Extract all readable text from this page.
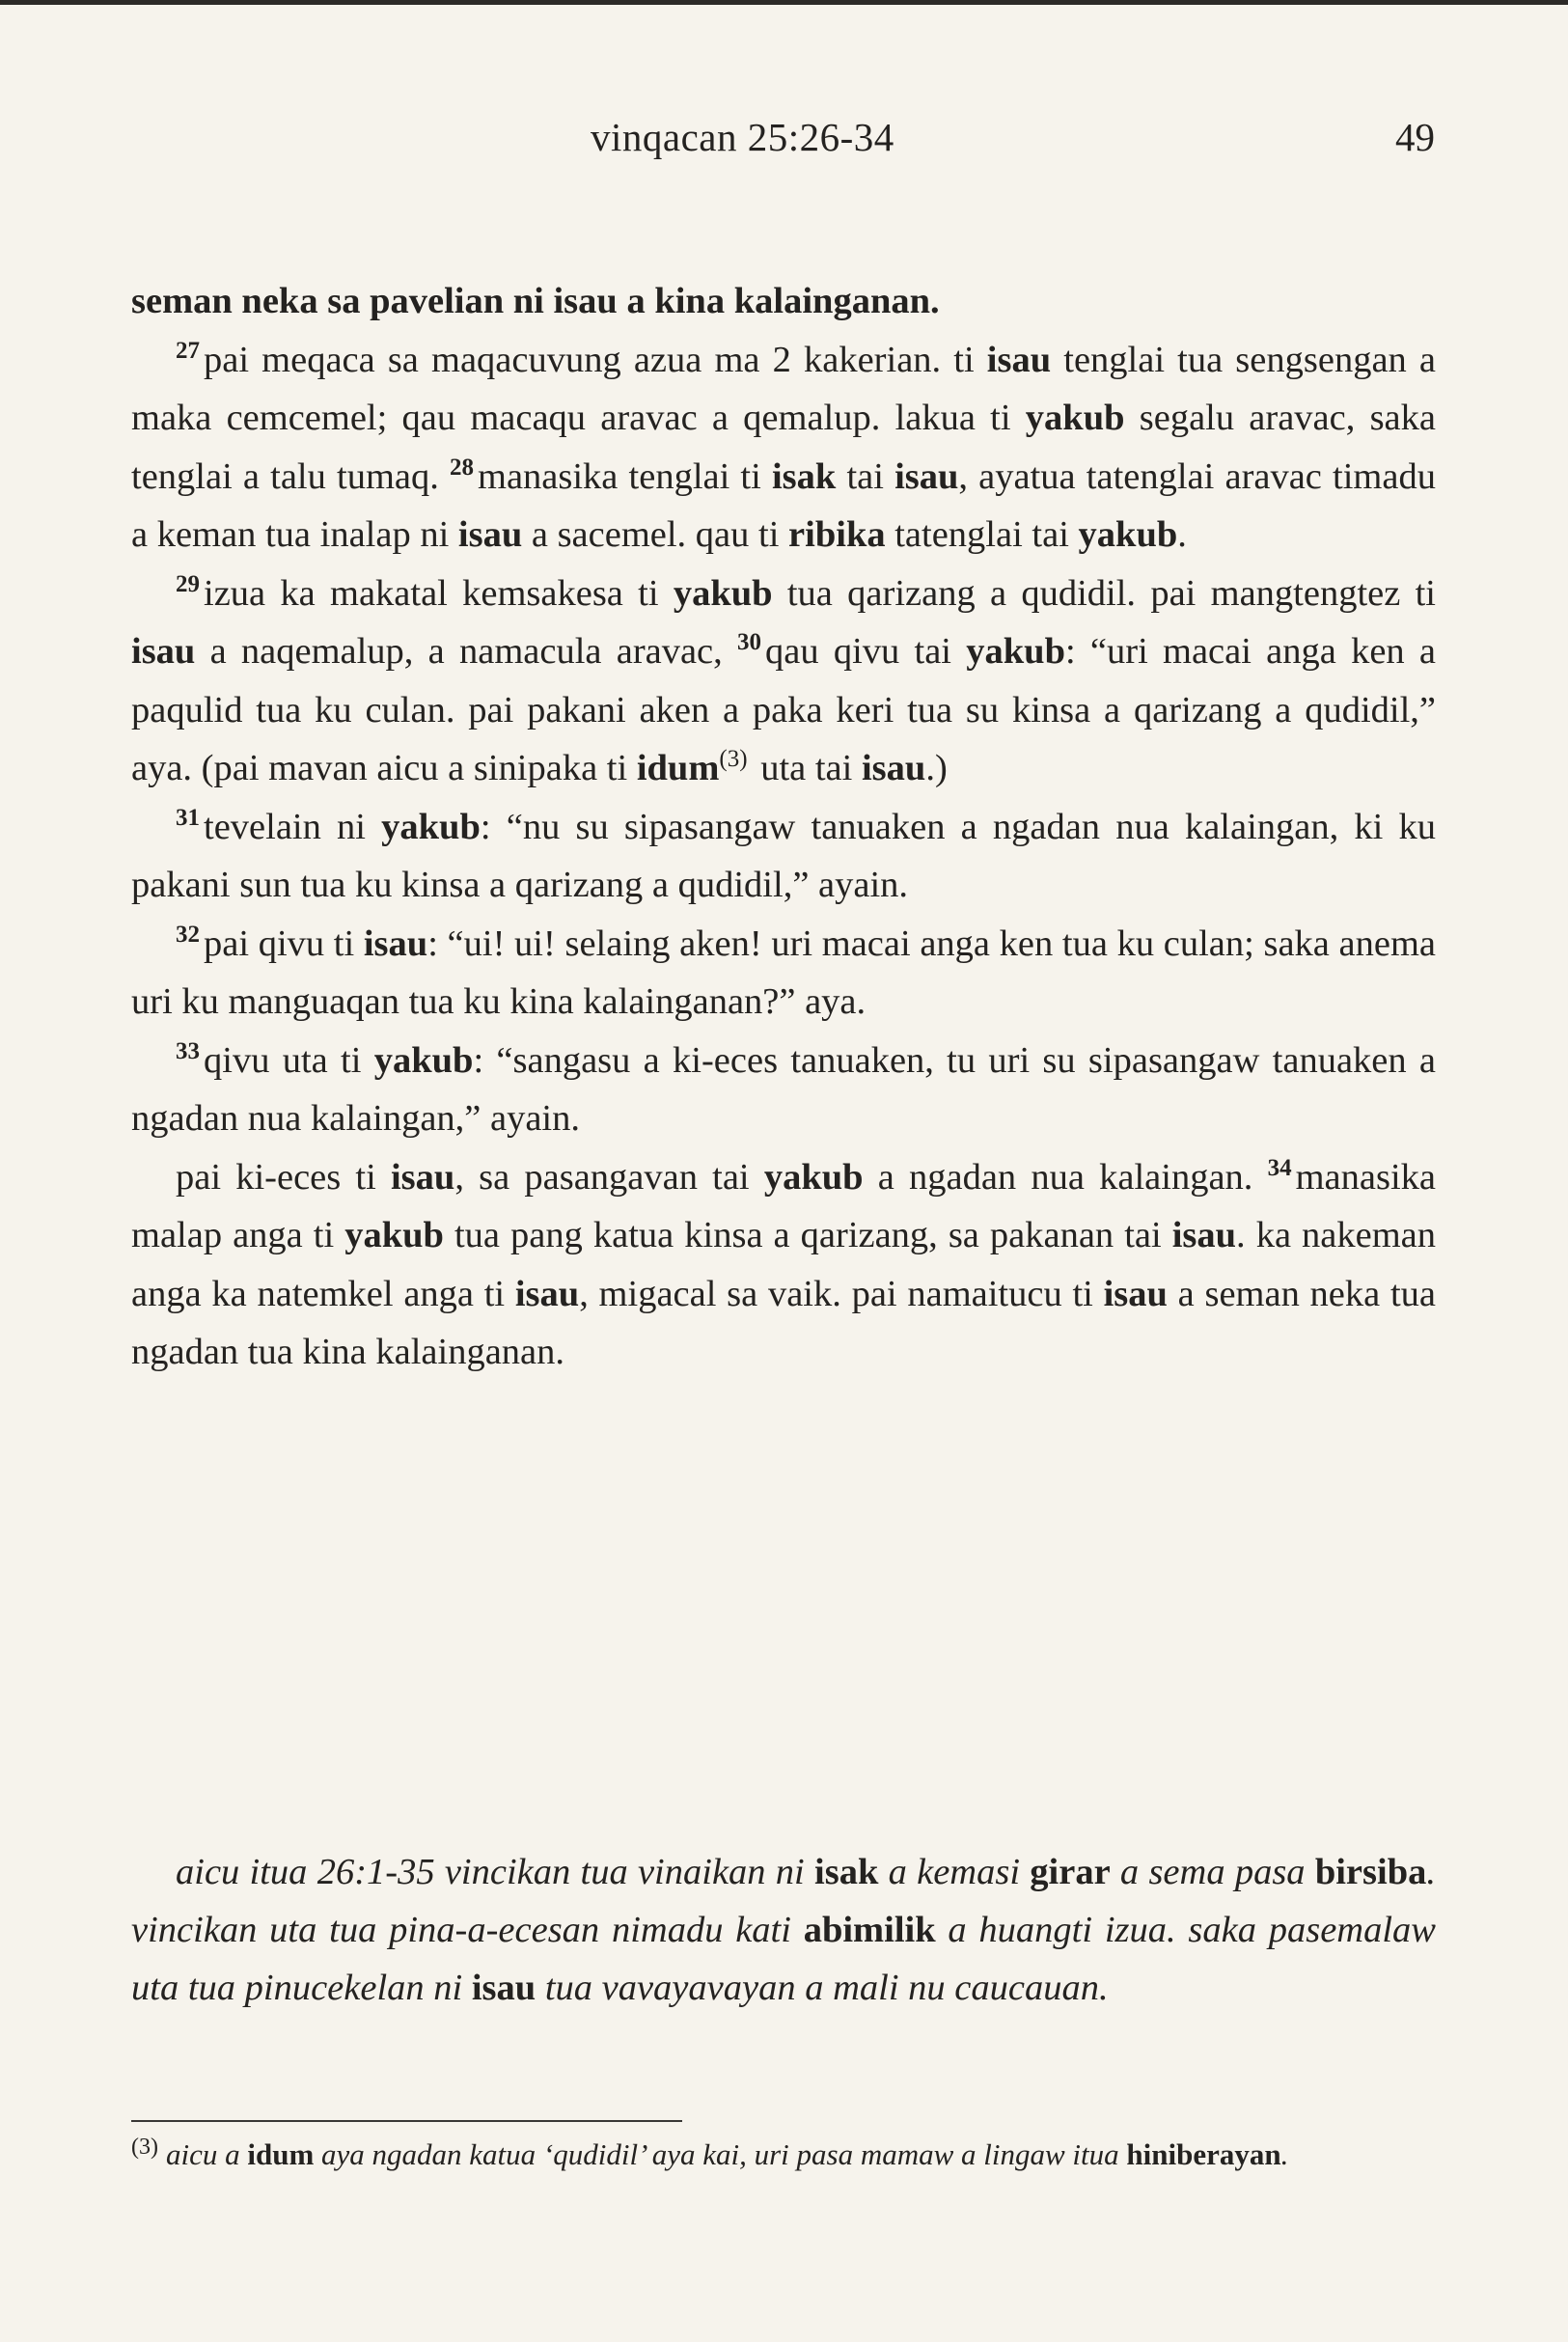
vinqacan 25:26-34	49

seman neka sa pavelian ni isau a kina kalainganan.

$^{27}$ pai meqaca sa maqacuvung azua ma 2 kakerian. ti isau tenglai tua sengsengan a maka cemcemel; qau macaqu aravac a qemalup. lakua ti yakub segalu aravac, saka tenglai a talu tumaq. $^{28}$ manasika tenglai ti isak tai isau, ayatua tatenglai aravac timadu a keman tua inalap ni isau a sacemel. qau ti ribika tatenglai tai yakub.

$^{29}$ izua ka makatal kemsakesa ti yakub tua qarizang a qudidil. pai mangtengtez ti isau a naqemalup, a namacula aravac, $^{30}$ qau qivu tai yakub: “uri macai anga ken a paqulid tua ku culan. pai pakani aken a paka keri tua su kinsa a qarizang a qudidil,” aya. (pai mavan aicu a sinipaka ti idum$^{(3)}$ uta tai isau.)

$^{31}$ tevelain ni yakub: “nu su sipasangaw tanuaken a ngadan nua kalaingan, ki ku pakani sun tua ku kinsa a qarizang a qudidil,” ayain.

$^{32}$ pai qivu ti isau: “ui! ui! selaing aken! uri macai anga ken tua ku culan; saka anema uri ku manguaqan tua ku kina kalainganan?” aya.

$^{33}$ qivu uta ti yakub: “sangasu a ki-eces tanuaken, tu uri su sipasangaw tanuaken a ngadan nua kalaingan,” ayain.

pai ki-eces ti isau, sa pasangavan tai yakub a ngadan nua kalaingan. $^{34}$ manasika malap anga ti yakub tua pang katua kinsa a qarizang, sa pakanan tai isau. ka nakeman anga ka natemkel anga ti isau, migacal sa vaik. pai namaitucu ti isau a seman neka tua ngadan tua kina kalainganan.

aicu itua 26:1-35 vincikan tua vinaikan ni isak a kemasi girar a sema pasa birsiba. vincikan uta tua pina-a-ecesan nimadu kati abimilik a huangti izua. saka pasemalaw uta tua pinucekelan ni isau tua vavayavayan a mali nu caucauan.

$^{(3)}$ aicu a idum aya ngadan katua ‘qudidil’ aya kai, uri pasa mamaw a lingaw itua hiniberayan.
